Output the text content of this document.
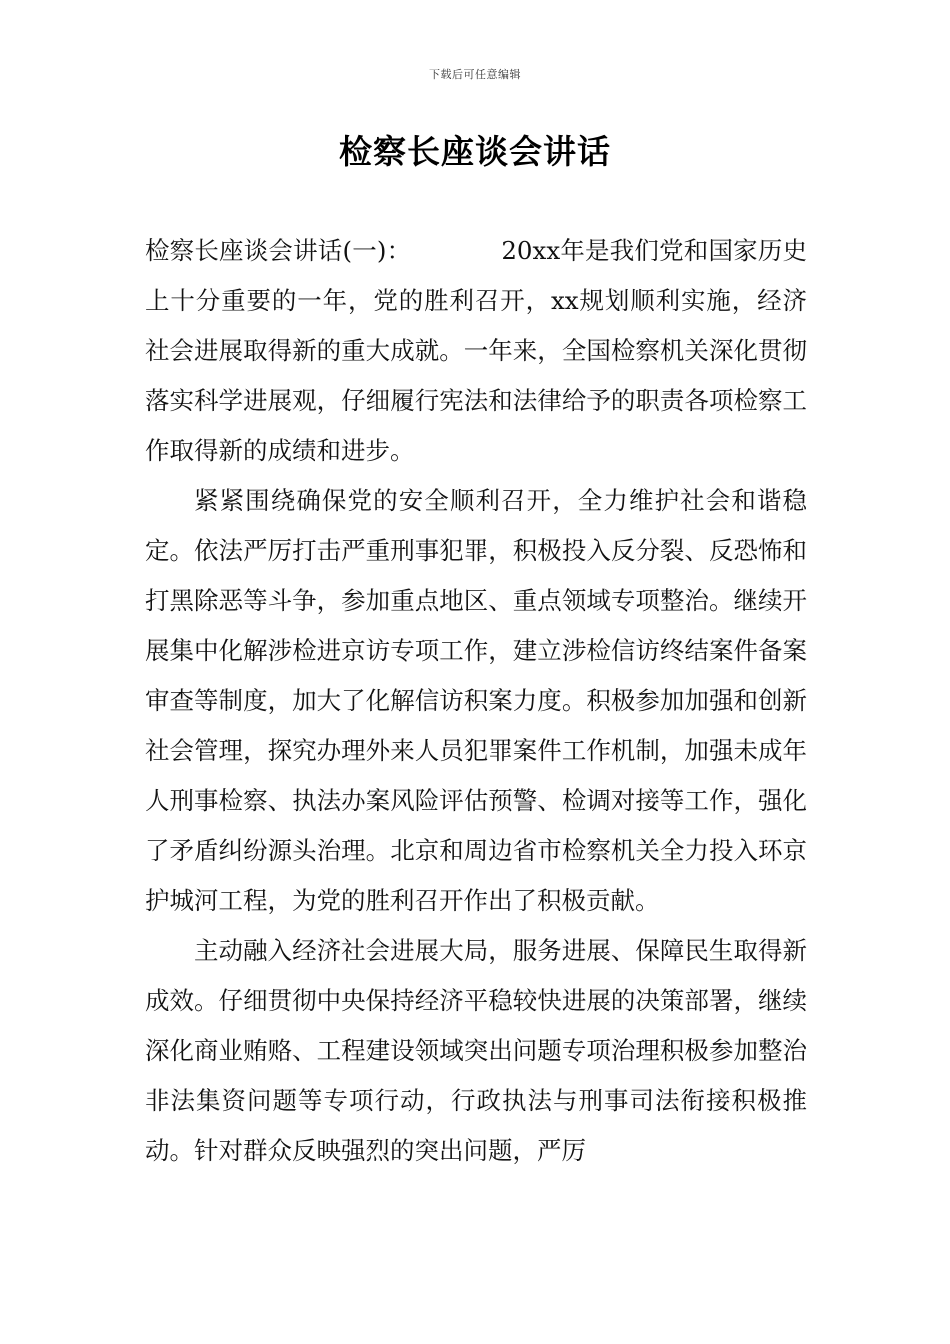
下载后可任意编辑
检察长座谈会讲话

检察长座谈会讲话(一)：	20xx年是我们党和国家历史上十分重要的一年，党的胜利召开，xx规划顺利实施，经济社会进展取得新的重大成就。一年来，全国检察机关深化贯彻落实科学进展观，仔细履行宪法和法律给予的职责各项检察工作取得新的成绩和进步。

紧紧围绕确保党的安全顺利召开，全力维护社会和谐稳定。依法严厉打击严重刑事犯罪，积极投入反分裂、反恐怖和打黑除恶等斗争，参加重点地区、重点领域专项整治。继续开展集中化解涉检进京访专项工作，建立涉检信访终结案件备案审查等制度，加大了化解信访积案力度。积极参加加强和创新社会管理，探究办理外来人员犯罪案件工作机制，加强未成年人刑事检察、执法办案风险评估预警、检调对接等工作，强化了矛盾纠纷源头治理。北京和周边省市检察机关全力投入环京护城河工程，为党的胜利召开作出了积极贡献。

主动融入经济社会进展大局，服务进展、保障民生取得新成效。仔细贯彻中央保持经济平稳较快进展的决策部署，继续深化商业贿赂、工程建设领域突出问题专项治理积极参加整治非法集资问题等专项行动，行政执法与刑事司法衔接积极推动。针对群众反映强烈的突出问题，严厉
